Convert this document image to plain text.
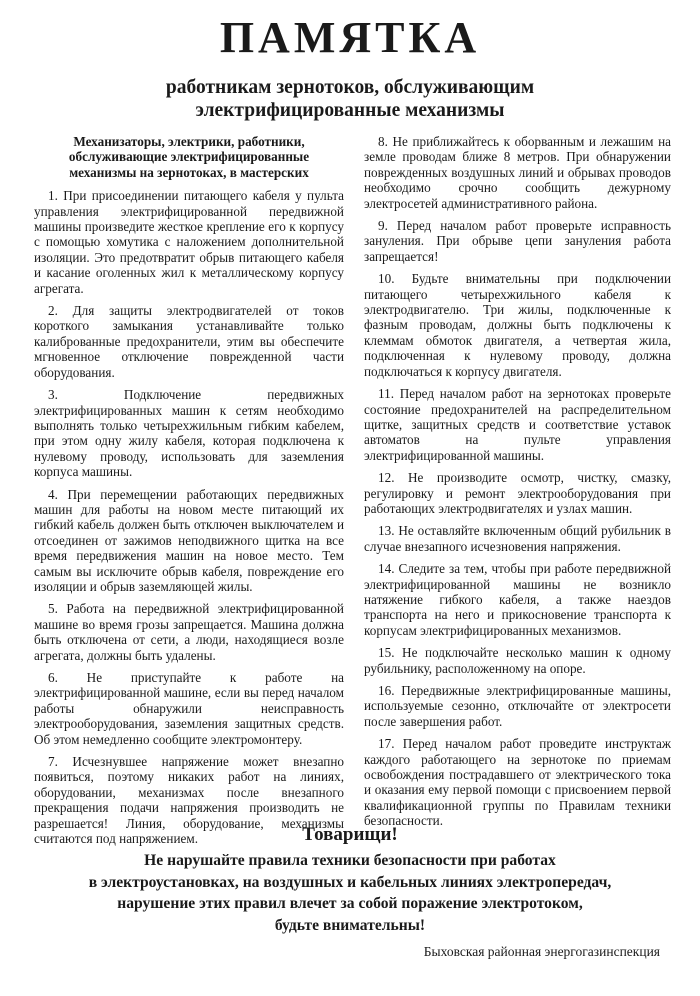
ПАМЯТКА
работникам зернотоков, обслуживающим
электрифицированные механизмы
Механизаторы, электрики, работники, обслуживающие электрифицированные механизмы на зернотоках, в мастерских

1. При присоединении питающего кабеля у пульта управления электрифицированной передвижной машины произведите жесткое крепление его к корпусу с помощью хомутика с наложением дополнительной изоляции. Это предотвратит обрыв питающего кабеля и касание оголенных жил к металлическому корпусу агрегата.

2. Для защиты электродвигателей от токов короткого замыкания устанавливайте только калиброванные предохранители, этим вы обеспечите мгновенное отключение поврежденной части оборудования.

3. Подключение передвижных электрифицированных машин к сетям необходимо выполнять только четырехжильным гибким кабелем, при этом одну жилу кабеля, которая подключена к нулевому проводу, использовать для заземления корпуса машины.

4. При перемещении работающих передвижных машин для работы на новом месте питающий их гибкий кабель должен быть отключен выключателем и отсоединен от зажимов неподвижного щитка на все время передвижения машин на новое место. Тем самым вы исключите обрыв кабеля, повреждение его изоляции и обрыв заземляющей жилы.

5. Работа на передвижной электрифицированной машине во время грозы запрещается. Машина должна быть отключена от сети, а люди, находящиеся возле агрегата, должны быть удалены.

6. Не приступайте к работе на электрифицированной машине, если вы перед началом работы обнаружили неисправность электрооборудования, заземления защитных средств. Об этом немедленно сообщите электромонтеру.

7. Исчезнувшее напряжение может внезапно появиться, поэтому никаких работ на линиях, оборудовании, механизмах после внезапного прекращения подачи напряжения производить не разрешается! Линия, оборудование, механизмы считаются под напряжением.

8. Не приближайтесь к оборванным и лежашим на земле проводам ближе 8 метров. При обнаружении поврежденных воздушных линий и обрывах проводов необходимо срочно сообщить дежурному электросетей административного района.

9. Перед началом работ проверьте исправность зануления. При обрыве цепи зануления работа запрещается!

10. Будьте внимательны при подключении питающего четырехжильного кабеля к электродвигателю. Три жилы, подключенные к фазным проводам, должны быть подключены к клеммам обмоток двигателя, а четвертая жила, подключенная к нулевому проводу, должна подключаться к корпусу двигателя.

11. Перед началом работ на зернотоках проверьте состояние предохранителей на распределительном щитке, защитных средств и соответствие уставок автоматов на пульте управления электрифицированной машины.

12. Не производите осмотр, чистку, смазку, регулировку и ремонт электрооборудования при работающих электродвигателях и узлах машин.

13. Не оставляйте включенным общий рубильник в случае внезапного исчезновения напряжения.

14. Следите за тем, чтобы при работе передвижной электрифицированной машины не возникло натяжение гибкого кабеля, а также наездов транспорта на него и прикосновение транспорта к корпусам электрифицированных механизмов.

15. Не подключайте несколько машин к одному рубильнику, расположенному на опоре.

16. Передвижные электрифицированные машины, используемые сезонно, отключайте от электросети после завершения работ.

17. Перед началом работ проведите инструктаж каждого работающего на зернотоке по приемам освобождения пострадавшего от электрического тока и оказания ему первой помощи с присвоением первой квалификационной группы по Правилам техники безопасности.

Товарищи!
Не нарушайте правила техники безопасности при работах
в электроустановках, на воздушных и кабельных линиях электропередач,
нарушение этих правил влечет за собой поражение электротоком,
будьте внимательны!
Быховская районная энергогазинспекция
